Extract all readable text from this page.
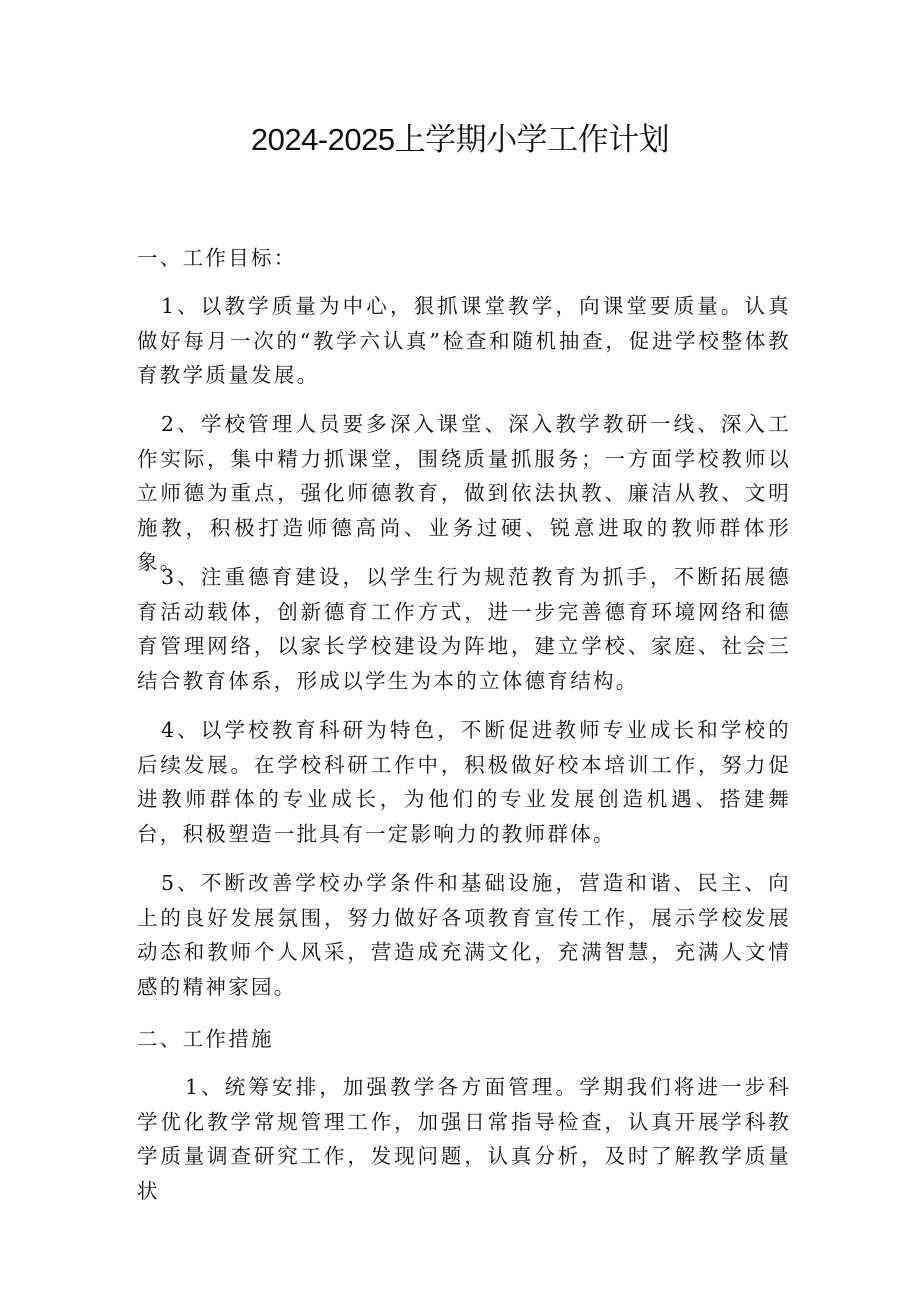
2024-2025上学期小学工作计划
一、工作目标：
1、以教学质量为中心，狠抓课堂教学，向课堂要质量。认真做好每月一次的“教学六认真”检查和随机抽查，促进学校整体教育教学质量发展。
2、学校管理人员要多深入课堂、深入教学教研一线、深入工作实际，集中精力抓课堂，围绕质量抓服务；一方面学校教师以立师德为重点，强化师德教育，做到依法执教、廉洁从教、文明施教，积极打造师德高尚、业务过硬、锐意进取的教师群体形象。
3、注重德育建设，以学生行为规范教育为抓手，不断拓展德育活动载体，创新德育工作方式，进一步完善德育环境网络和德育管理网络，以家长学校建设为阵地，建立学校、家庭、社会三结合教育体系，形成以学生为本的立体德育结构。
4、以学校教育科研为特色，不断促进教师专业成长和学校的后续发展。在学校科研工作中，积极做好校本培训工作，努力促进教师群体的专业成长，为他们的专业发展创造机遇、搭建舞台，积极塑造一批具有一定影响力的教师群体。
5、不断改善学校办学条件和基础设施，营造和谐、民主、向上的良好发展氛围，努力做好各项教育宣传工作，展示学校发展动态和教师个人风采，营造成充满文化，充满智慧，充满人文情感的精神家园。
二、工作措施
1、统筹安排，加强教学各方面管理。学期我们将进一步科学优化教学常规管理工作，加强日常指导检查，认真开展学科教学质量调查研究工作，发现问题，认真分析，及时了解教学质量状
